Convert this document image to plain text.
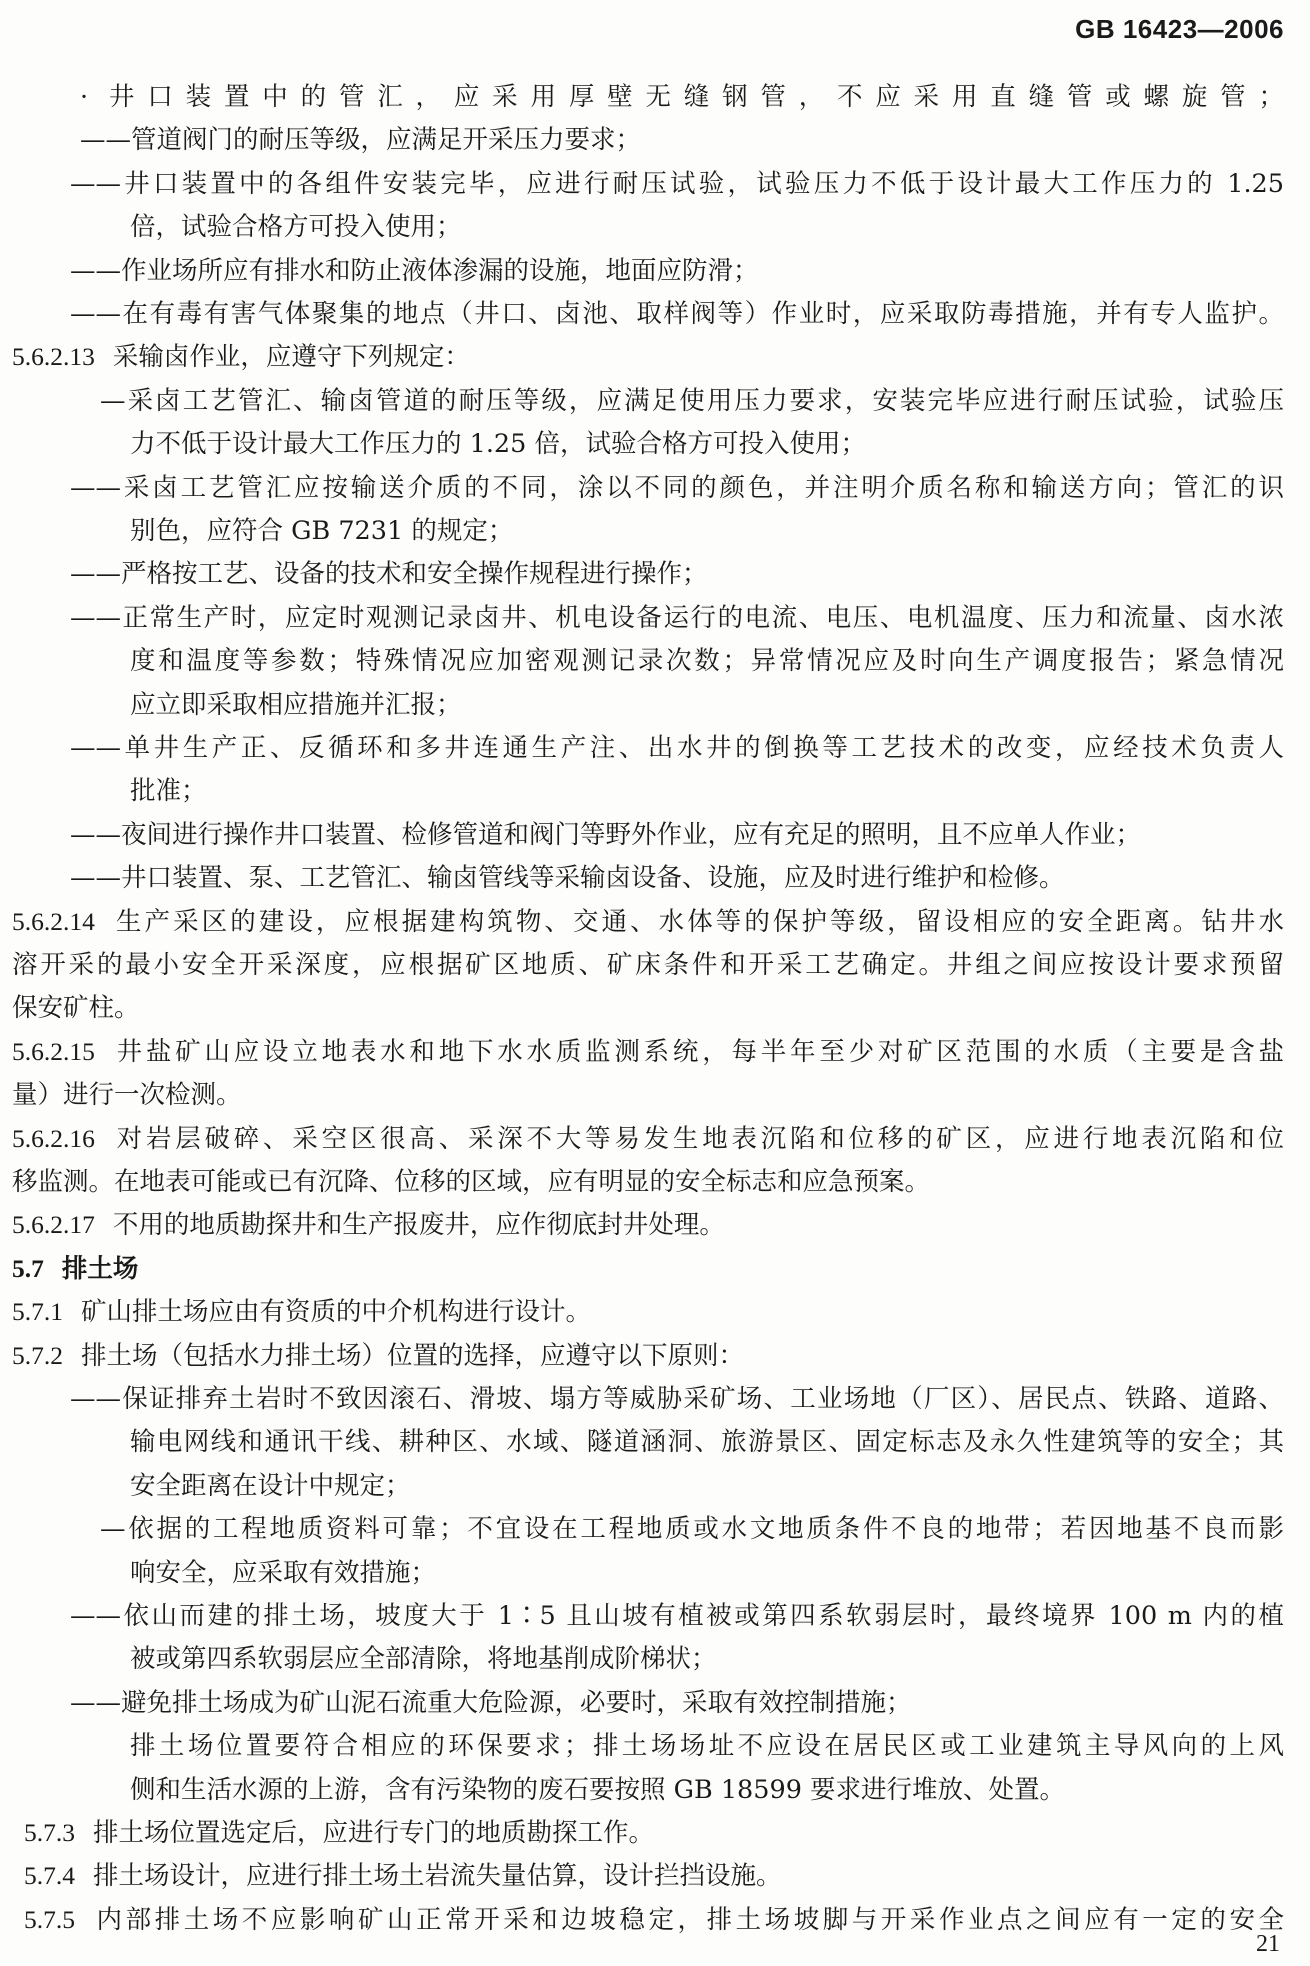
GB 16423—2006
· 井口装置中的管汇，应采用厚壁无缝钢管，不应采用直缝管或螺旋管；
——管道阀门的耐压等级，应满足开采压力要求；
——井口装置中的各组件安装完毕，应进行耐压试验，试验压力不低于设计最大工作压力的 1.25
倍，试验合格方可投入使用；
——作业场所应有排水和防止液体渗漏的设施，地面应防滑；
——在有毒有害气体聚集的地点（井口、卤池、取样阀等）作业时，应采取防毒措施，并有专人监护。
5.6.2.13 采输卤作业，应遵守下列规定：
—采卤工艺管汇、输卤管道的耐压等级，应满足使用压力要求，安装完毕应进行耐压试验，试验压
力不低于设计最大工作压力的 1.25 倍，试验合格方可投入使用；
——采卤工艺管汇应按输送介质的不同，涂以不同的颜色，并注明介质名称和输送方向；管汇的识
别色，应符合 GB 7231 的规定；
——严格按工艺、设备的技术和安全操作规程进行操作；
——正常生产时，应定时观测记录卤井、机电设备运行的电流、电压、电机温度、压力和流量、卤水浓
度和温度等参数；特殊情况应加密观测记录次数；异常情况应及时向生产调度报告；紧急情况
应立即采取相应措施并汇报；
——单井生产正、反循环和多井连通生产注、出水井的倒换等工艺技术的改变，应经技术负责人
批准；
——夜间进行操作井口装置、检修管道和阀门等野外作业，应有充足的照明，且不应单人作业；
——井口装置、泵、工艺管汇、输卤管线等采输卤设备、设施，应及时进行维护和检修。
5.6.2.14 生产采区的建设，应根据建构筑物、交通、水体等的保护等级，留设相应的安全距离。钻井水
溶开采的最小安全开采深度，应根据矿区地质、矿床条件和开采工艺确定。井组之间应按设计要求预留
保安矿柱。
5.6.2.15 井盐矿山应设立地表水和地下水水质监测系统，每半年至少对矿区范围的水质（主要是含盐
量）进行一次检测。
5.6.2.16 对岩层破碎、采空区很高、采深不大等易发生地表沉陷和位移的矿区，应进行地表沉陷和位
移监测。在地表可能或已有沉降、位移的区域，应有明显的安全标志和应急预案。
5.6.2.17 不用的地质勘探井和生产报废井，应作彻底封井处理。
5.7 排土场
5.7.1 矿山排土场应由有资质的中介机构进行设计。
5.7.2 排土场（包括水力排土场）位置的选择，应遵守以下原则：
——保证排弃土岩时不致因滚石、滑坡、塌方等威胁采矿场、工业场地（厂区）、居民点、铁路、道路、
输电网线和通讯干线、耕种区、水域、隧道涵洞、旅游景区、固定标志及永久性建筑等的安全；其
安全距离在设计中规定；
—依据的工程地质资料可靠；不宜设在工程地质或水文地质条件不良的地带；若因地基不良而影
响安全，应采取有效措施；
——依山而建的排土场，坡度大于 1∶5 且山坡有植被或第四系软弱层时，最终境界 100 m 内的植
被或第四系软弱层应全部清除，将地基削成阶梯状；
——避免排土场成为矿山泥石流重大危险源，必要时，采取有效控制措施；
排土场位置要符合相应的环保要求；排土场场址不应设在居民区或工业建筑主导风向的上风
侧和生活水源的上游，含有污染物的废石要按照 GB 18599 要求进行堆放、处置。
5.7.3 排土场位置选定后，应进行专门的地质勘探工作。
5.7.4 排土场设计，应进行排土场土岩流失量估算，设计拦挡设施。
5.7.5 内部排土场不应影响矿山正常开采和边坡稳定，排土场坡脚与开采作业点之间应有一定的安全
21
